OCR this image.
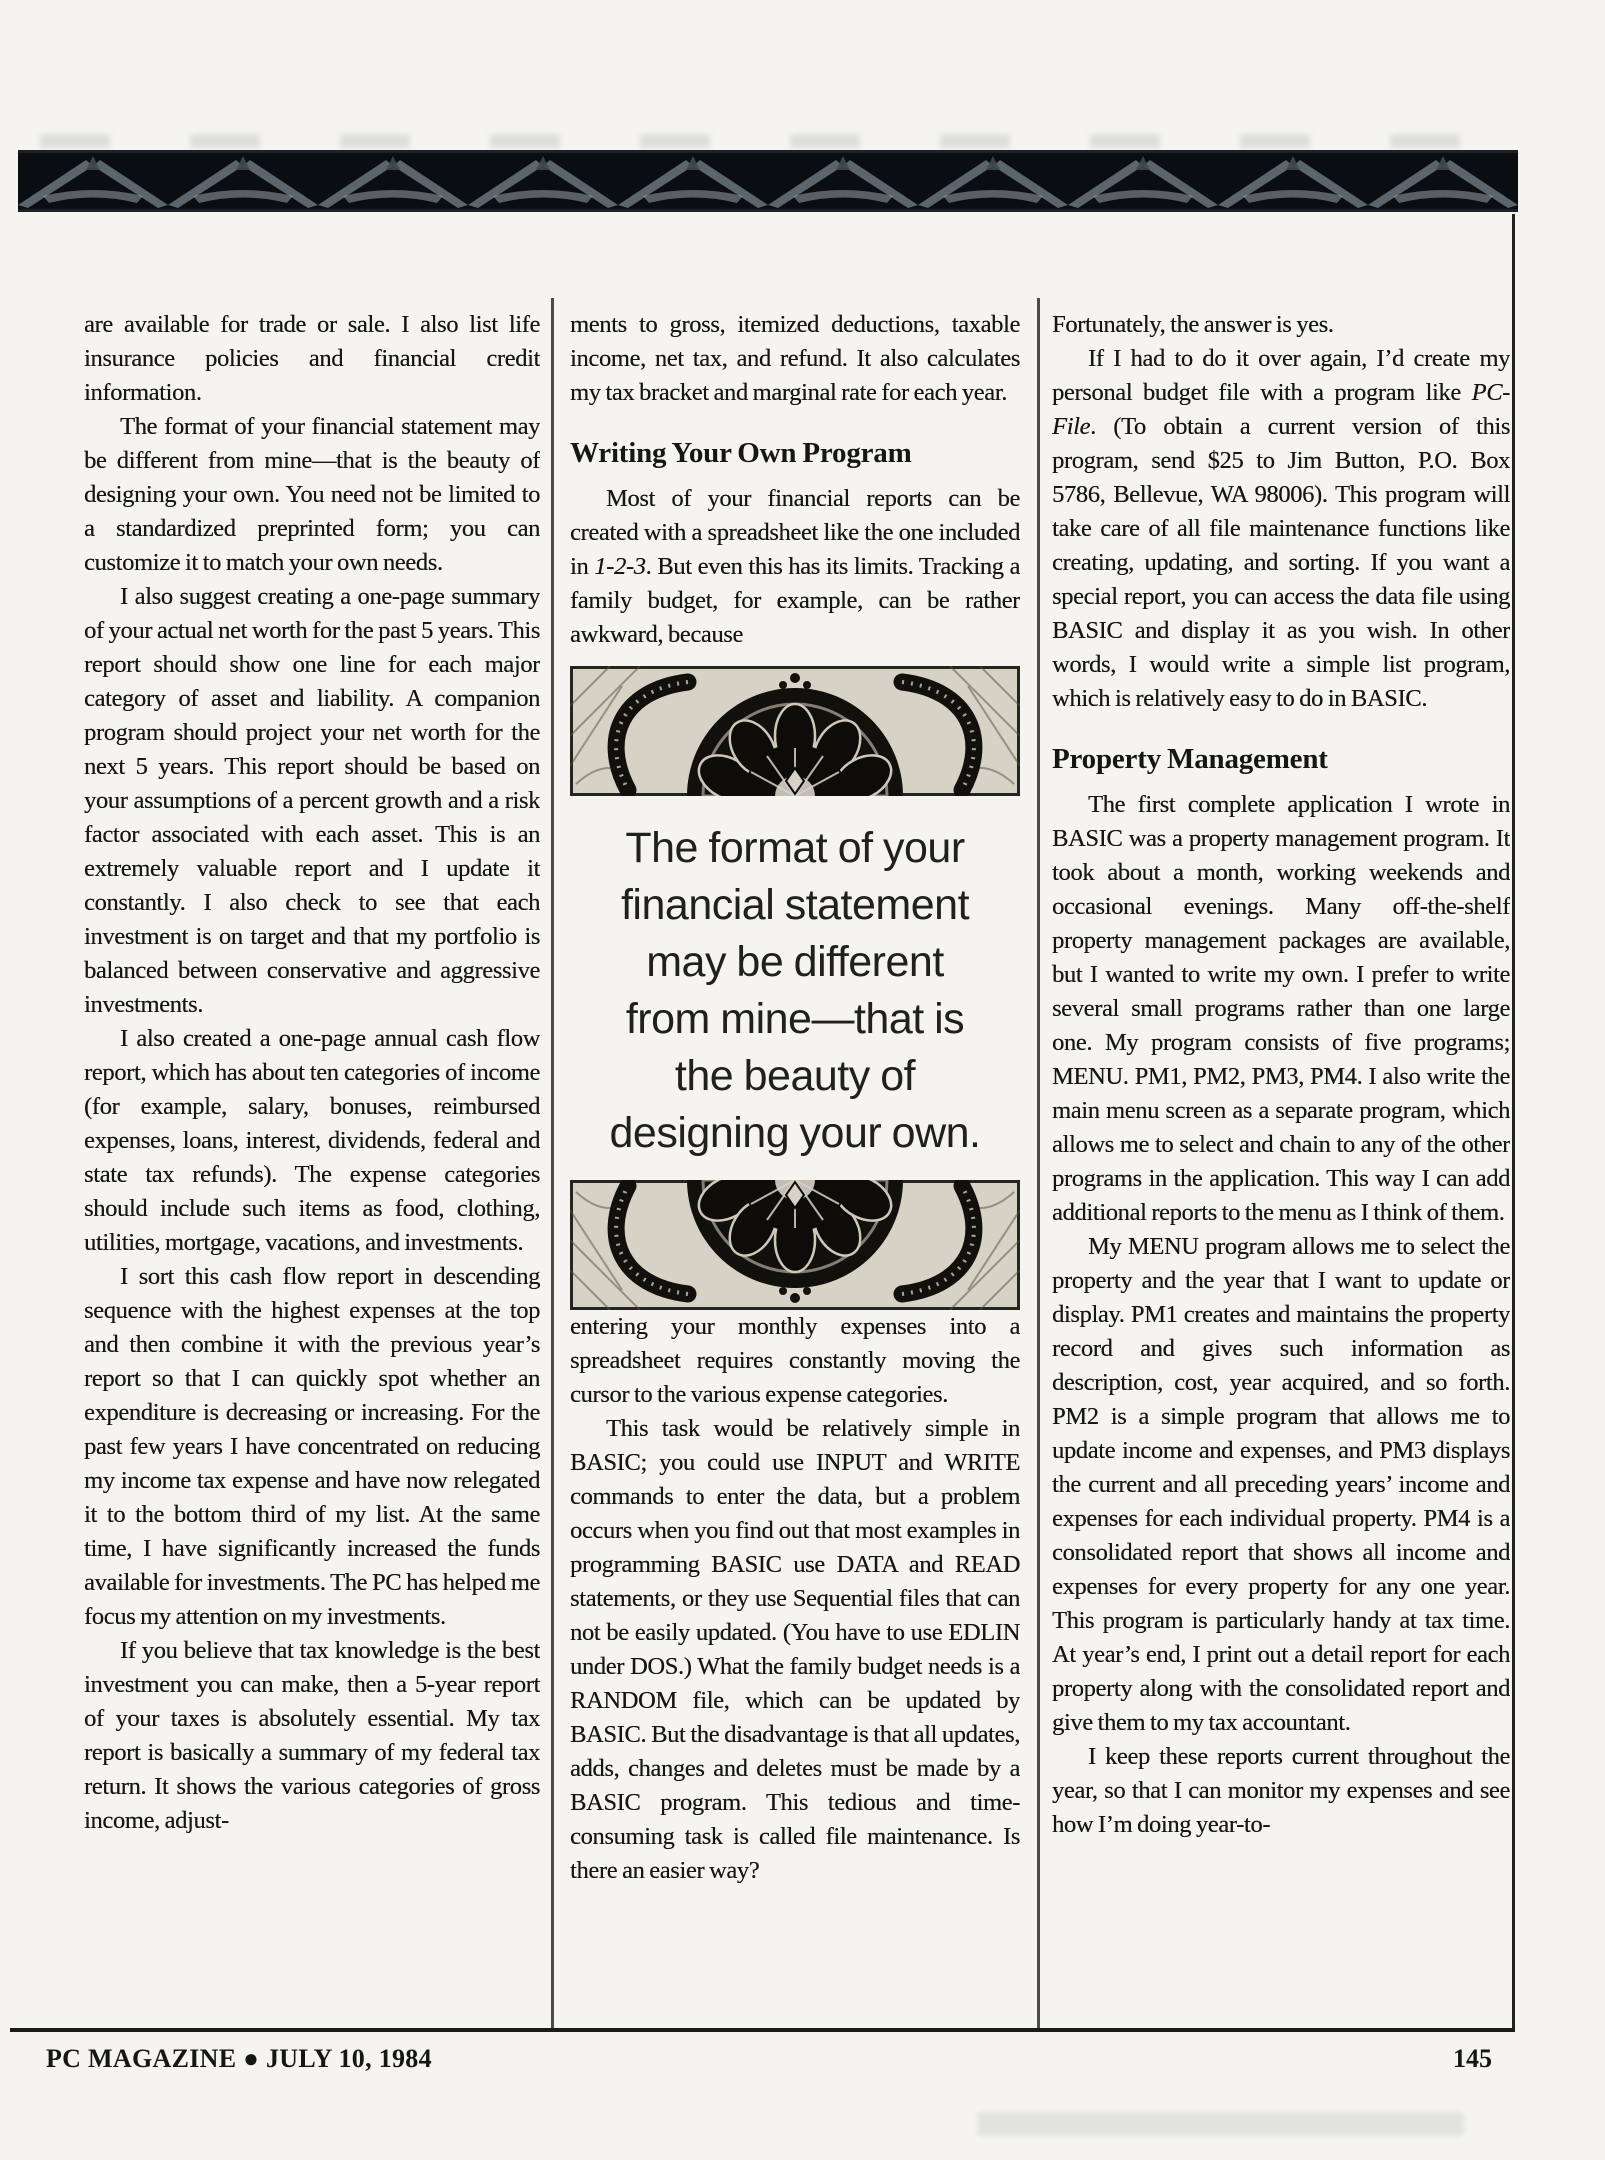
are available for trade or sale. I also list life insurance policies and financial credit information.

The format of your financial statement may be different from mine—that is the beauty of designing your own. You need not be limited to a standardized preprinted form; you can customize it to match your own needs.

I also suggest creating a one-page summary of your actual net worth for the past 5 years. This report should show one line for each major category of asset and liability. A companion program should project your net worth for the next 5 years. This report should be based on your assumptions of a percent growth and a risk factor associated with each asset. This is an extremely valuable report and I update it constantly. I also check to see that each investment is on target and that my portfolio is balanced between conservative and aggressive investments.

I also created a one-page annual cash flow report, which has about ten categories of income (for example, salary, bonuses, reimbursed expenses, loans, interest, dividends, federal and state tax refunds). The expense categories should include such items as food, clothing, utilities, mortgage, vacations, and investments.

I sort this cash flow report in descending sequence with the highest expenses at the top and then combine it with the previous year’s report so that I can quickly spot whether an expenditure is decreasing or increasing. For the past few years I have concentrated on reducing my income tax expense and have now relegated it to the bottom third of my list. At the same time, I have significantly increased the funds available for investments. The PC has helped me focus my attention on my investments.

If you believe that tax knowledge is the best investment you can make, then a 5-year report of your taxes is absolutely essential. My tax report is basically a summary of my federal tax return. It shows the various categories of gross income, adjust-

ments to gross, itemized deductions, taxable income, net tax, and refund. It also calculates my tax bracket and marginal rate for each year.

Writing Your Own Program

Most of your financial reports can be created with a spreadsheet like the one included in 1-2-3. But even this has its limits. Tracking a family budget, for example, can be rather awkward, because

The format of your
financial statement
may be different
from mine—that is
the beauty of
designing your own.

entering your monthly expenses into a spreadsheet requires constantly moving the cursor to the various expense categories.

This task would be relatively simple in BASIC; you could use INPUT and WRITE commands to enter the data, but a problem occurs when you find out that most examples in programming BASIC use DATA and READ statements, or they use Sequential files that can not be easily updated. (You have to use EDLIN under DOS.) What the family budget needs is a RANDOM file, which can be updated by BASIC. But the disadvantage is that all updates, adds, changes and deletes must be made by a BASIC program. This tedious and time-consuming task is called file maintenance. Is there an easier way?

Fortunately, the answer is yes.

If I had to do it over again, I’d create my personal budget file with a program like PC-File. (To obtain a current version of this program, send $25 to Jim Button, P.O. Box 5786, Bellevue, WA 98006). This program will take care of all file maintenance functions like creating, updating, and sorting. If you want a special report, you can access the data file using BASIC and display it as you wish. In other words, I would write a simple list program, which is relatively easy to do in BASIC.

Property Management

The first complete application I wrote in BASIC was a property management program. It took about a month, working weekends and occasional evenings. Many off-the-shelf property management packages are available, but I wanted to write my own. I prefer to write several small programs rather than one large one. My program consists of five programs; MENU. PM1, PM2, PM3, PM4. I also write the main menu screen as a separate program, which allows me to select and chain to any of the other programs in the application. This way I can add additional reports to the menu as I think of them.

My MENU program allows me to select the property and the year that I want to update or display. PM1 creates and maintains the property record and gives such information as description, cost, year acquired, and so forth. PM2 is a simple program that allows me to update income and expenses, and PM3 displays the current and all preceding years’ income and expenses for each individual property. PM4 is a consolidated report that shows all income and expenses for every property for any one year. This program is particularly handy at tax time. At year’s end, I print out a detail report for each property along with the consolidated report and give them to my tax accountant.

I keep these reports current throughout the year, so that I can monitor my expenses and see how I’m doing year-to-

PC MAGAZINE ● JULY 10, 1984	145
